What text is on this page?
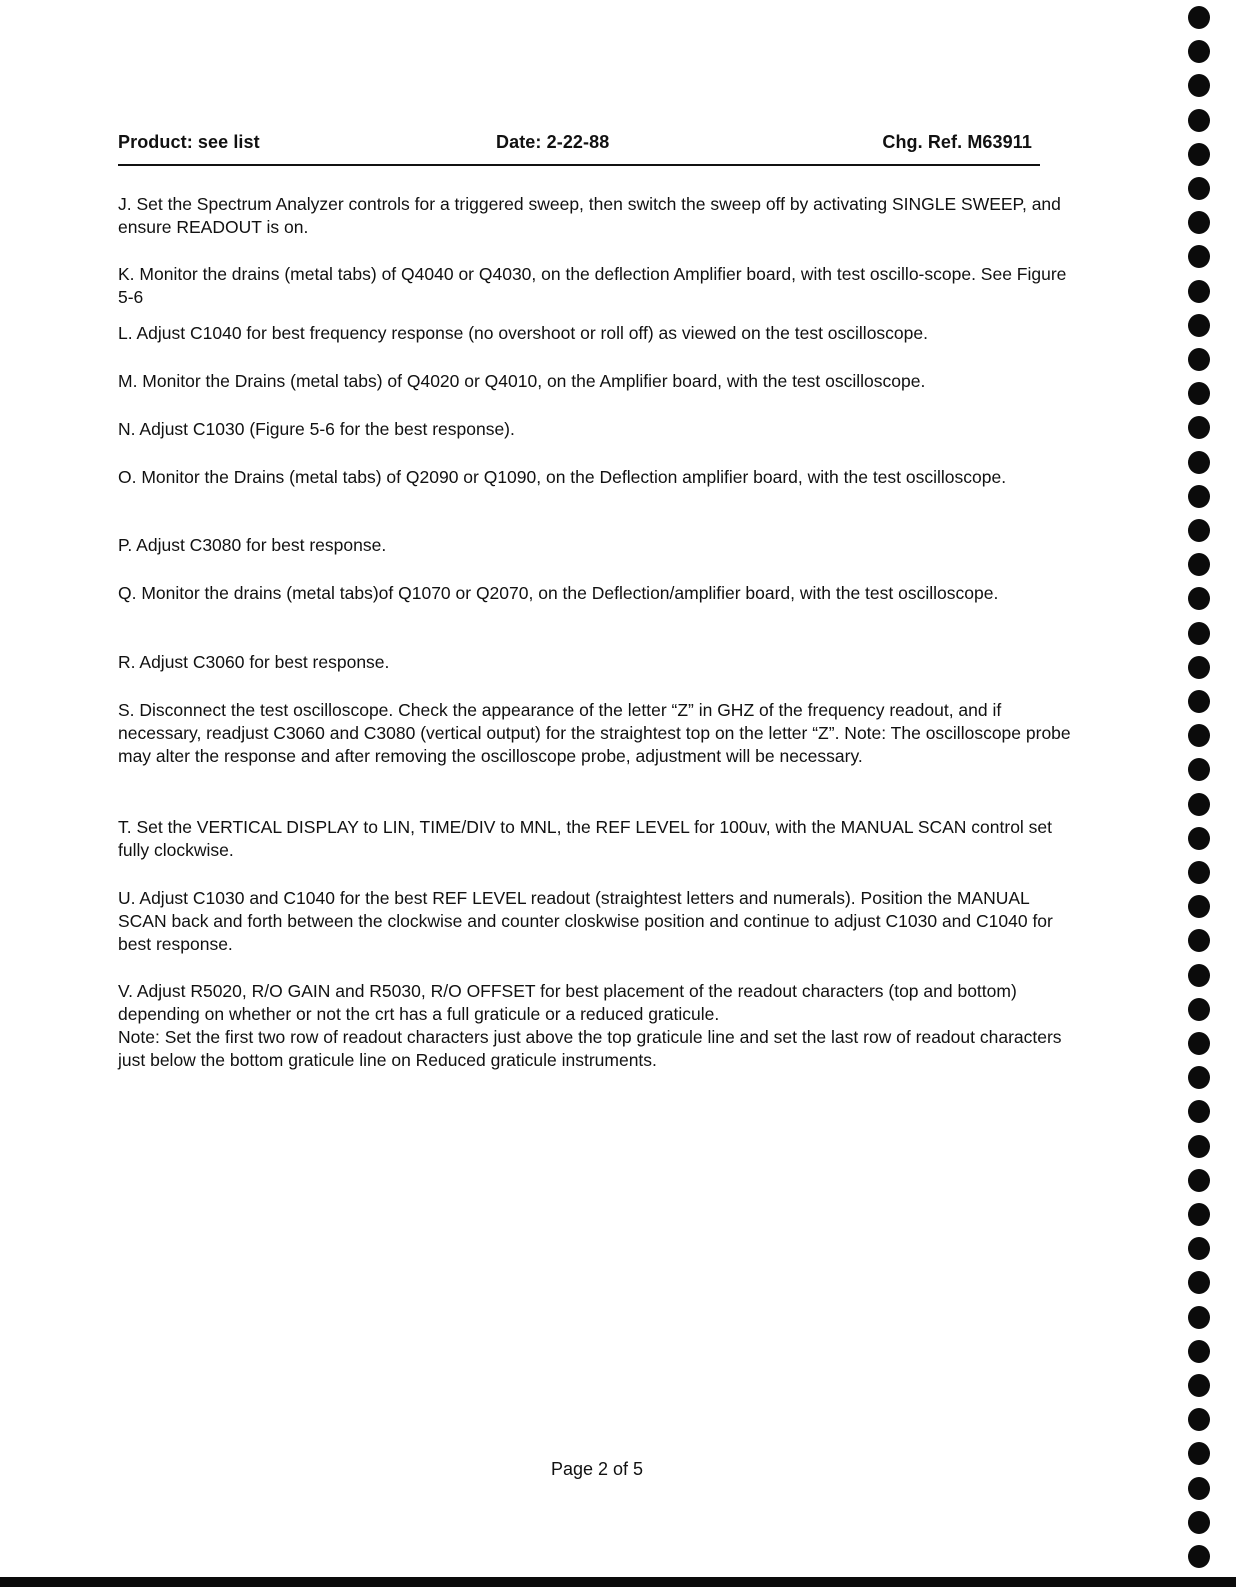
Product: see list	Date: 2-22-88	Chg. Ref. M63911

J. Set the Spectrum Analyzer controls for a triggered sweep, then switch the sweep off by activating SINGLE SWEEP, and ensure READOUT is on.

K. Monitor the drains (metal tabs) of Q4040 or Q4030, on the deflection Amplifier board, with test oscillo-scope. See Figure 5-6

L. Adjust C1040 for best frequency response (no overshoot or roll off) as viewed on the test oscilloscope.

M. Monitor the Drains (metal tabs) of Q4020 or Q4010, on the Amplifier board, with the test oscilloscope.

N. Adjust C1030 (Figure 5-6 for the best response).

O. Monitor the Drains (metal tabs) of Q2090 or Q1090, on the Deflection amplifier board, with the test oscilloscope.

P. Adjust C3080 for best response.

Q. Monitor the drains (metal tabs)of Q1070 or Q2070, on the Deflection/amplifier board, with the test oscilloscope.

R. Adjust C3060 for best response.

S. Disconnect the test oscilloscope. Check the appearance of the letter “Z” in GHZ of the frequency readout, and if necessary, readjust C3060 and C3080 (vertical output) for the straightest top on the letter “Z”. Note: The oscilloscope probe may alter the response and after removing the oscilloscope probe, adjustment will be necessary.

T. Set the VERTICAL DISPLAY to LIN, TIME/DIV to MNL, the REF LEVEL for 100uv, with the MANUAL SCAN control set fully clockwise.

U. Adjust C1030 and C1040 for the best REF LEVEL readout (straightest letters and numerals). Position the MANUAL SCAN back and forth between the clockwise and counter closkwise position and continue to adjust C1030 and C1040 for best response.

V. Adjust R5020, R/O GAIN and R5030, R/O OFFSET for best placement of the readout characters (top and bottom) depending on whether or not the crt has a full graticule or a reduced graticule.

Note: Set the first two row of readout characters just above the top graticule line and set the last row of readout characters just below the bottom graticule line on Reduced graticule instruments.

Page 2 of 5
